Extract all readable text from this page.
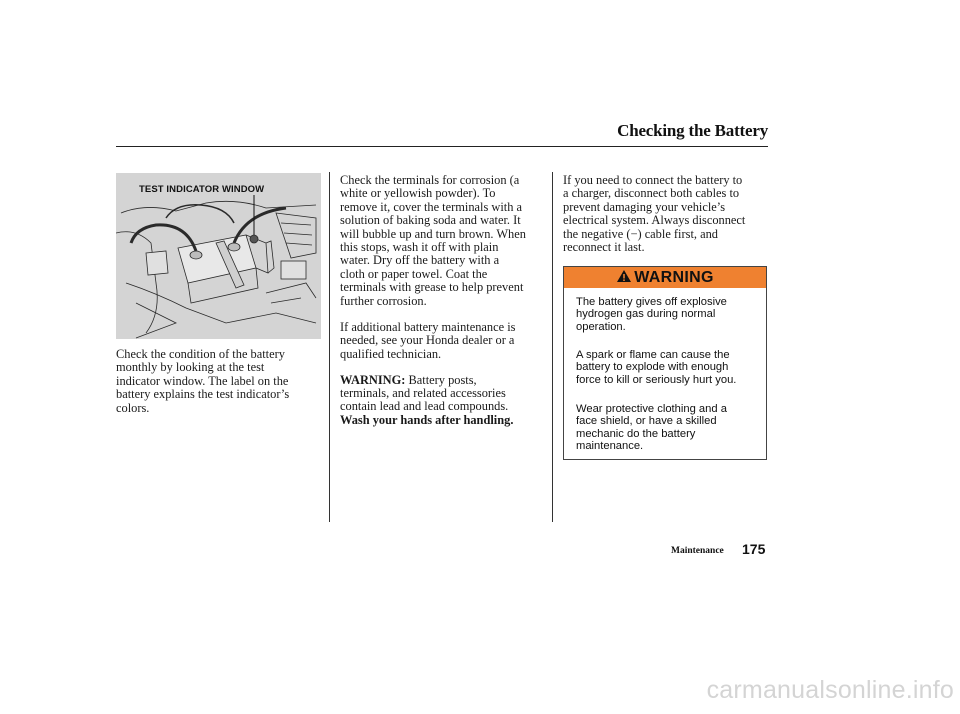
Checking the Battery
TEST INDICATOR WINDOW

Check the condition of the battery
monthly by looking at the test
indicator window. The label on the
battery explains the test indicator’s
colors.

Check the terminals for corrosion (a
white or yellowish powder). To
remove it, cover the terminals with a
solution of baking soda and water. It
will bubble up and turn brown. When
this stops, wash it off with plain
water. Dry off the battery with a
cloth or paper towel. Coat the
terminals with grease to help prevent
further corrosion.

If additional battery maintenance is
needed, see your Honda dealer or a
qualified technician.

WARNING: Battery posts,

terminals, and related accessories
contain lead and lead compounds.

Wash your hands after handling.

If you need to connect the battery to
a charger, disconnect both cables to
prevent damaging your vehicle’s
electrical system. Always disconnect
the negative (−) cable first, and
reconnect it last.
WARNING
The battery gives off explosive
hydrogen gas during normal
operation.
A spark or flame can cause the
battery to explode with enough
force to kill or seriously hurt you.
Wear protective clothing and a
face shield, or have a skilled
mechanic do the battery
maintenance.
Maintenance 175
carmanualsonline.info
